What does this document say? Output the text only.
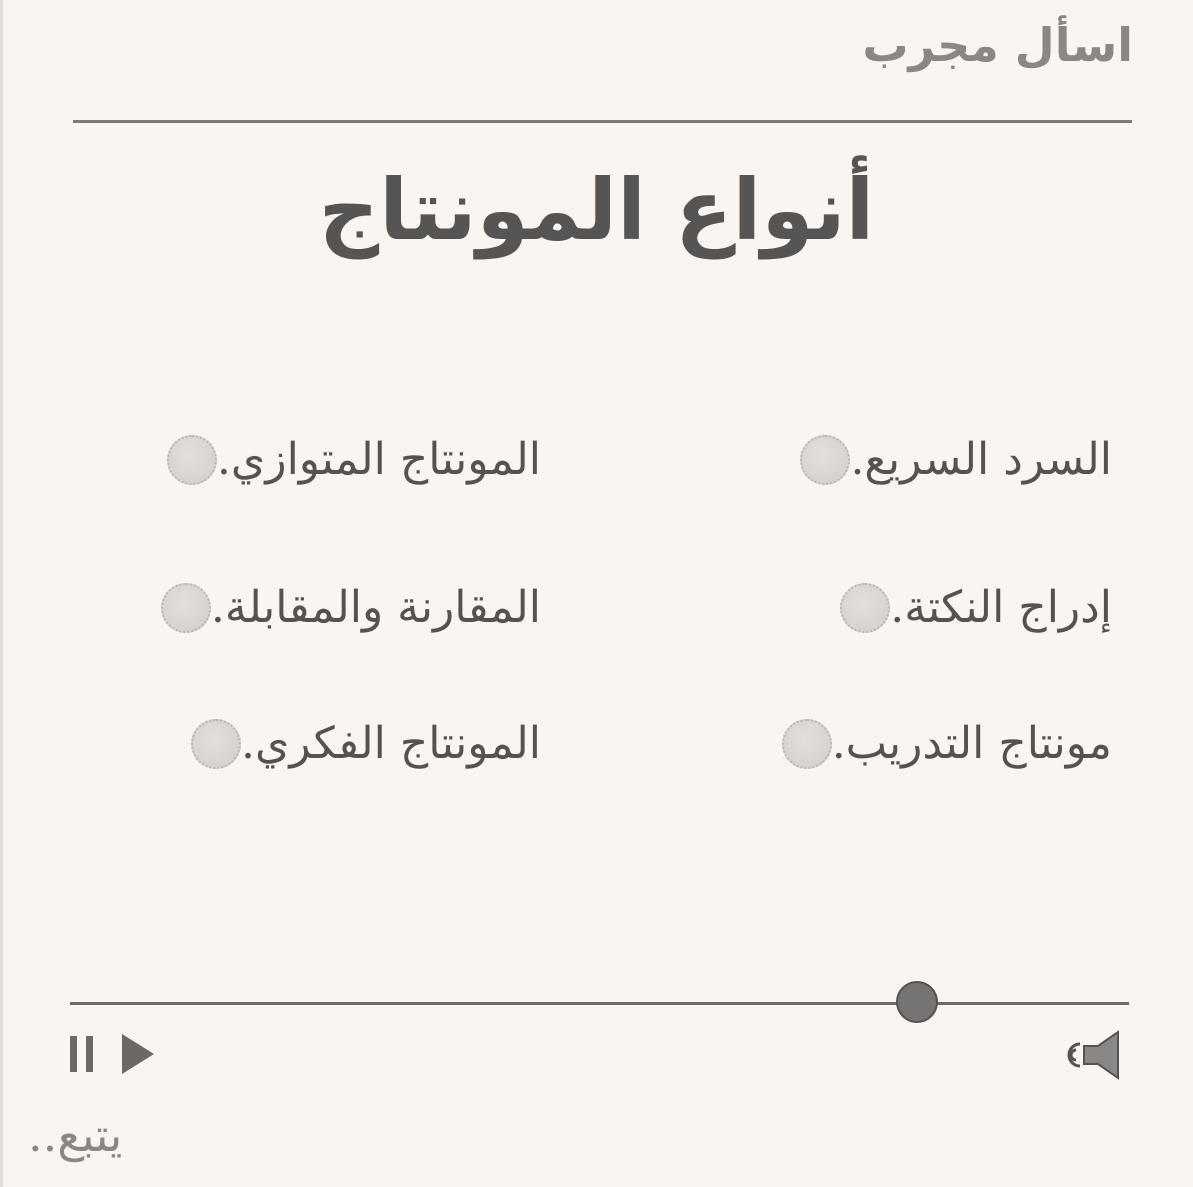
اسأل مجرب
أنواع المونتاج
السرد السريع.
إدراج النكتة.
مونتاج التدريب.
المونتاج المتوازي.
المقارنة والمقابلة.
المونتاج الفكري.
يتبع..
